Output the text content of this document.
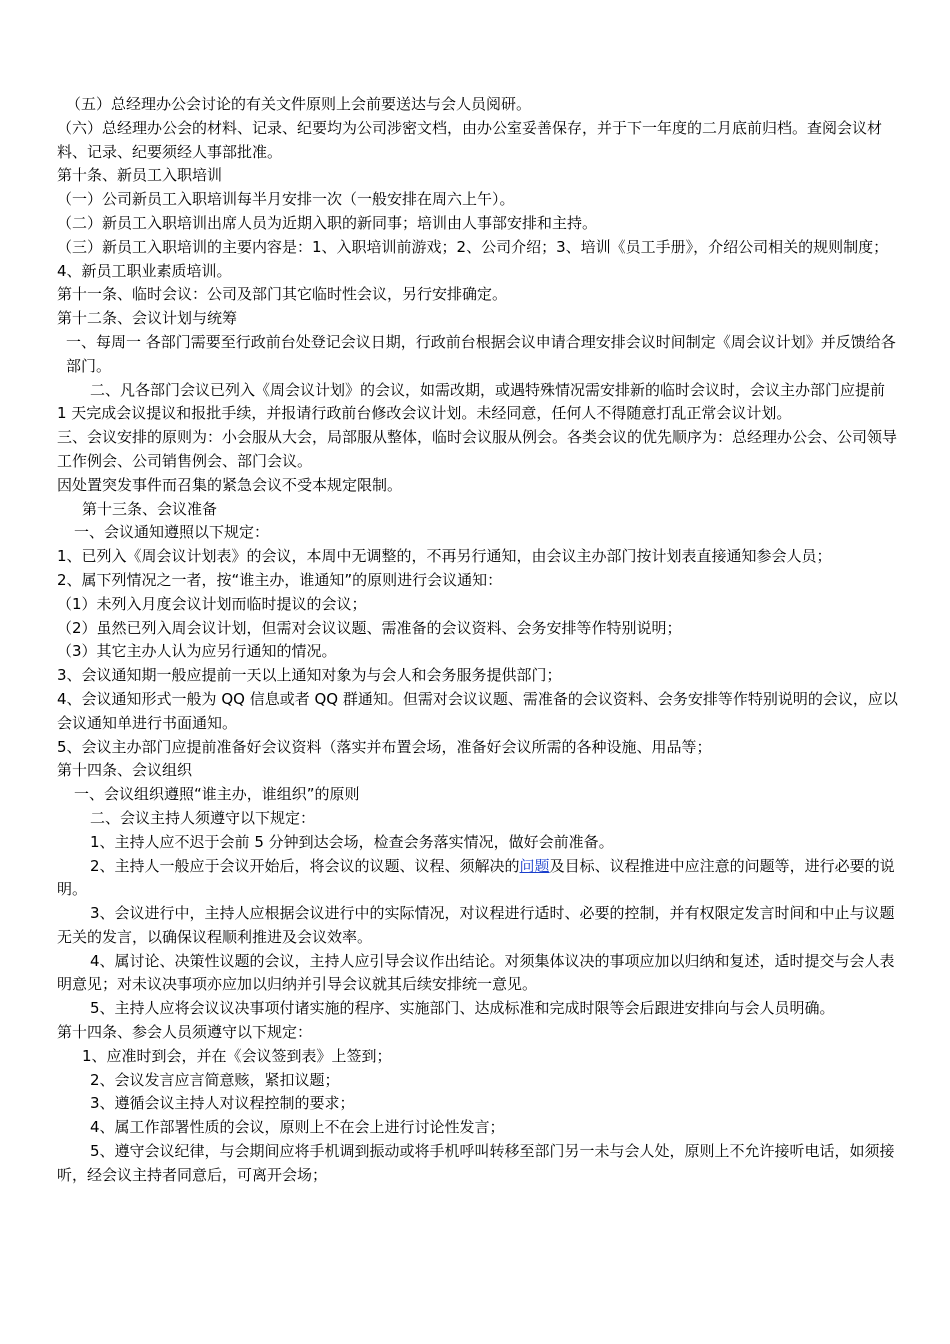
（五）总经理办公会讨论的有关文件原则上会前要送达与会人员阅研。

（六）总经理办公会的材料、记录、纪要均为公司涉密文档，由办公室妥善保存，并于下一年度的二月底前归档。查阅会议材料、记录、纪要须经人事部批准。

第十条、新员工入职培训

（一）公司新员工入职培训每半月安排一次（一般安排在周六上午）。

（二）新员工入职培训出席人员为近期入职的新同事；培训由人事部安排和主持。

（三）新员工入职培训的主要内容是：1、入职培训前游戏；2、公司介绍；3、培训《员工手册》，介绍公司相关的规则制度；4、新员工职业素质培训。

第十一条、临时会议：公司及部门其它临时性会议，另行安排确定。

第十二条、会议计划与统筹

一、每周一 各部门需要至行政前台处登记会议日期，行政前台根据会议申请合理安排会议时间制定《周会议计划》并反馈给各部门。

二、凡各部门会议已列入《周会议计划》的会议，如需改期，或遇特殊情况需安排新的临时会议时，会议主办部门应提前 1 天完成会议提议和报批手续，并报请行政前台修改会议计划。未经同意，任何人不得随意打乱正常会议计划。

三、会议安排的原则为：小会服从大会，局部服从整体，临时会议服从例会。各类会议的优先顺序为：总经理办公会、公司领导工作例会、公司销售例会、部门会议。

因处置突发事件而召集的紧急会议不受本规定限制。

第十三条、会议准备

一、会议通知遵照以下规定：

1、已列入《周会议计划表》的会议，本周中无调整的，不再另行通知，由会议主办部门按计划表直接通知参会人员；

2、属下列情况之一者，按“谁主办，谁通知”的原则进行会议通知：

（1）未列入月度会议计划而临时提议的会议；

（2）虽然已列入周会议计划，但需对会议议题、需准备的会议资料、会务安排等作特别说明；

（3）其它主办人认为应另行通知的情况。

3、会议通知期一般应提前一天以上通知对象为与会人和会务服务提供部门；

4、会议通知形式一般为 QQ 信息或者 QQ 群通知。但需对会议议题、需准备的会议资料、会务安排等作特别说明的会议，应以会议通知单进行书面通知。

5、会议主办部门应提前准备好会议资料（落实并布置会场，准备好会议所需的各种设施、用品等；

第十四条、会议组织

一、会议组织遵照“谁主办，谁组织”的原则

二、会议主持人须遵守以下规定：

1、主持人应不迟于会前 5 分钟到达会场，检查会务落实情况，做好会前准备。

2、主持人一般应于会议开始后，将会议的议题、议程、须解决的问题及目标、议程推进中应注意的问题等，进行必要的说明。

3、会议进行中，主持人应根据会议进行中的实际情况，对议程进行适时、必要的控制，并有权限定发言时间和中止与议题无关的发言，以确保议程顺利推进及会议效率。

4、属讨论、决策性议题的会议，主持人应引导会议作出结论。对须集体议决的事项应加以归纳和复述，适时提交与会人表明意见；对未议决事项亦应加以归纳并引导会议就其后续安排统一意见。

5、主持人应将会议议决事项付诸实施的程序、实施部门、达成标准和完成时限等会后跟进安排向与会人员明确。

第十四条、参会人员须遵守以下规定：

1、应准时到会，并在《会议签到表》上签到；

2、会议发言应言简意赅，紧扣议题；

3、遵循会议主持人对议程控制的要求；

4、属工作部署性质的会议，原则上不在会上进行讨论性发言；

5、遵守会议纪律，与会期间应将手机调到振动或将手机呼叫转移至部门另一未与会人处，原则上不允许接听电话，如须接听，经会议主持者同意后，可离开会场；
